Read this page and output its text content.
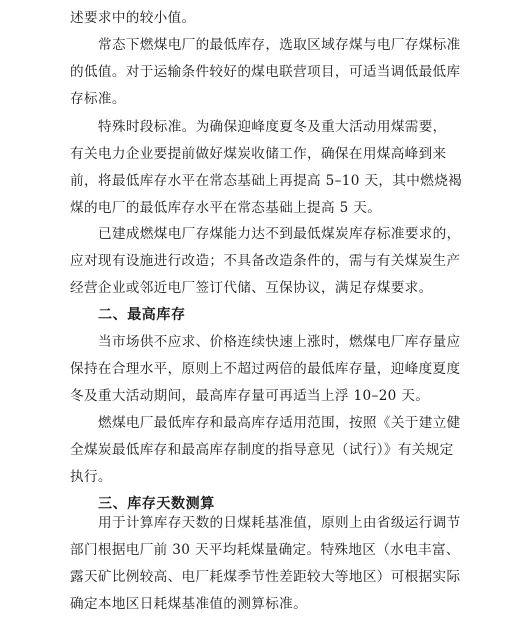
述要求中的较小值。
常态下燃煤电厂的最低库存，选取区域存煤与电厂存煤标准
的低值。对于运输条件较好的煤电联营项目，可适当调低最低库
存标准。
特殊时段标准。为确保迎峰度夏冬及重大活动用煤需要，
有关电力企业要提前做好煤炭收储工作，确保在用煤高峰到来
前，将最低库存水平在常态基础上再提高 5–10 天，其中燃烧褐
煤的电厂的最低库存水平在常态基础上提高 5 天。
已建成燃煤电厂存煤能力达不到最低煤炭库存标准要求的，
应对现有设施进行改造；不具备改造条件的，需与有关煤炭生产
经营企业或邻近电厂签订代储、互保协议，满足存煤要求。
二、最高库存
当市场供不应求、价格连续快速上涨时，燃煤电厂库存量应
保持在合理水平，原则上不超过两倍的最低库存量，迎峰度夏度
冬及重大活动期间，最高库存量可再适当上浮 10–20 天。
燃煤电厂最低库存和最高库存适用范围，按照《关于建立健
全煤炭最低库存和最高库存制度的指导意见（试行）》有关规定
执行。
三、库存天数测算
用于计算库存天数的日煤耗基准值，原则上由省级运行调节
部门根据电厂前 30 天平均耗煤量确定。特殊地区（水电丰富、
露天矿比例较高、电厂耗煤季节性差距较大等地区）可根据实际
确定本地区日耗煤基准值的测算标准。
